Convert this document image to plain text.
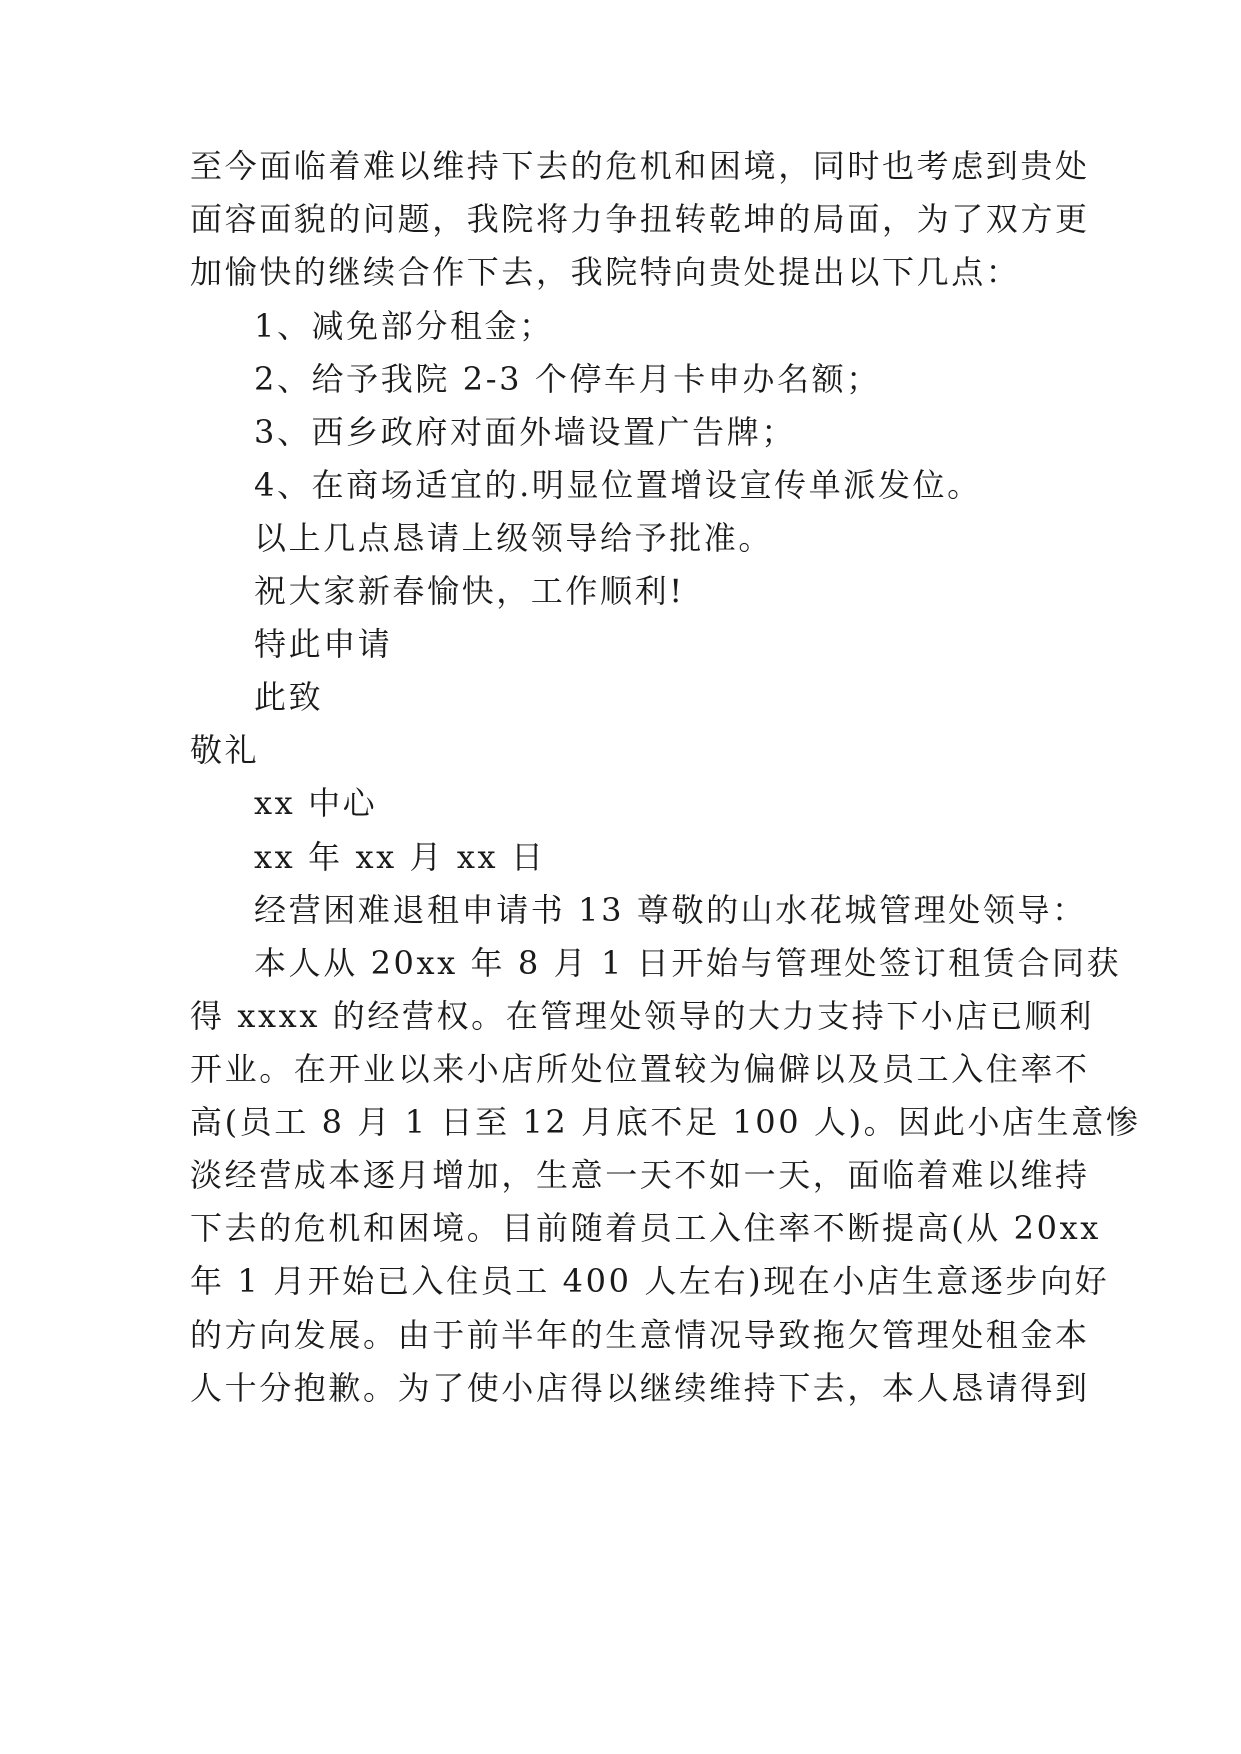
至今面临着难以维持下去的危机和困境，同时也考虑到贵处
面容面貌的问题，我院将力争扭转乾坤的局面，为了双方更
加愉快的继续合作下去，我院特向贵处提出以下几点：
1、减免部分租金；
2、给予我院 2-3 个停车月卡申办名额；
3、西乡政府对面外墙设置广告牌；
4、在商场适宜的.明显位置增设宣传单派发位。
以上几点恳请上级领导给予批准。
祝大家新春愉快，工作顺利!
特此申请
此致
敬礼
xx 中心
xx 年 xx 月 xx 日
经营困难退租申请书 13 尊敬的山水花城管理处领导：
本人从 20xx 年 8 月 1 日开始与管理处签订租赁合同获
得 xxxx 的经营权。在管理处领导的大力支持下小店已顺利
开业。在开业以来小店所处位置较为偏僻以及员工入住率不
高(员工 8 月 1 日至 12 月底不足 100 人)。因此小店生意惨
淡经营成本逐月增加，生意一天不如一天，面临着难以维持
下去的危机和困境。目前随着员工入住率不断提高(从 20xx
年 1 月开始已入住员工 400 人左右)现在小店生意逐步向好
的方向发展。由于前半年的生意情况导致拖欠管理处租金本
人十分抱歉。为了使小店得以继续维持下去，本人恳请得到
